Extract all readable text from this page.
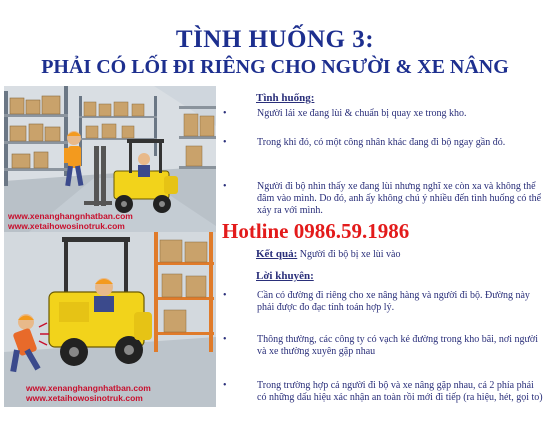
TÌNH HUỐNG 3:
PHẢI CÓ LỐI ĐI RIÊNG CHO NGƯỜI & XE NÂNG
www.xenanghangnhatban.com
www.xetaihowosinotruk.com
www.xenanghangnhatban.com
www.xetaihowosinotruk.com
Tình huống:
•	Người lái xe đang lùi & chuẩn bị quay xe trong kho.
•	Trong khi đó, có một công nhân khác đang đi bộ ngay gần đó.
•	Người đi bộ nhìn thấy xe đang lùi nhưng nghĩ xe còn xa và không thể đâm vào mình. Do đó, anh ấy không chú ý nhiều đến tình huống có thể xảy ra với mình.
Hotline 0986.59.1986
Kết quả: Người đi bộ bị xe lùi vào
Lời khuyên:
•	Cần có đường đi riêng cho xe nâng hàng và người đi bộ. Đường này phải được đo đạc tính toán hợp lý.
•	Thông thường, các công ty có vạch kẻ đường trong kho bãi, nơi người và xe thường xuyên gặp nhau
•	Trong trường hợp cả người đi bộ và xe nâng gặp nhau, cả 2 phía phải có những dấu hiệu xác nhận an toàn rồi mới đi tiếp (ra hiệu, hét, gọi to)
